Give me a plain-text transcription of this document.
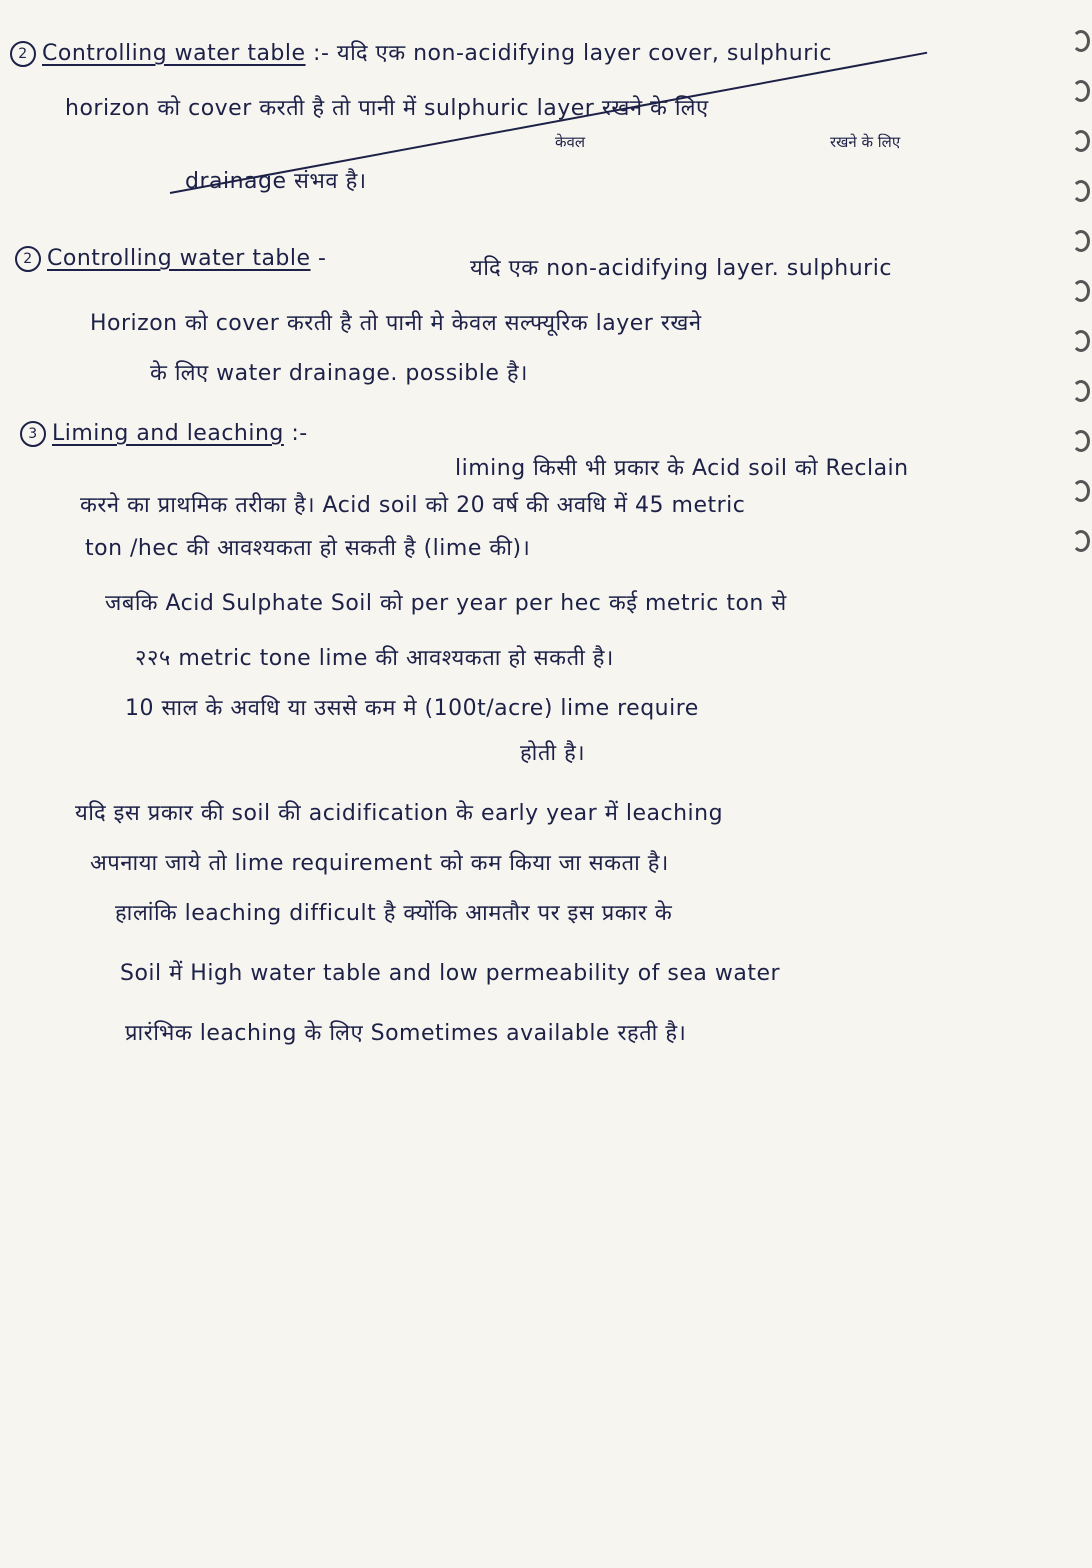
2 Controlling water table :- यदि एक non-acidifying layer cover, sulphuric
horizon को cover करती है तो पानी में sulphuric layer रखने के लिए
केवल	रखने के लिए
drainage संभव है।
2 Controlling water table -	यदि एक non-acidifying layer. sulphuric
Horizon को cover करती है तो पानी मे केवल सल्फ्यूरिक layer रखने
के लिए water drainage. possible है।
3 Liming and leaching :-
liming किसी भी प्रकार के Acid soil को Reclain
करने का प्राथमिक तरीका है। Acid soil को 20 वर्ष की अवधि में 45 metric
ton /hec की आवश्यकता हो सकती है (lime की)।
जबकि Acid Sulphate Soil को per year per hec कई metric ton से
२२५ metric tone lime की आवश्यकता हो सकती है।
10 साल के अवधि या उससे कम मे (100t/acre) lime require
होती है।
यदि इस प्रकार की soil की acidification के early year में leaching
अपनाया जाये तो lime requirement को कम किया जा सकता है।
हालांकि leaching difficult है क्योंकि आमतौर पर इस प्रकार के
Soil में High water table and low permeability of sea water
प्रारंभिक leaching के लिए Sometimes available रहती है।
